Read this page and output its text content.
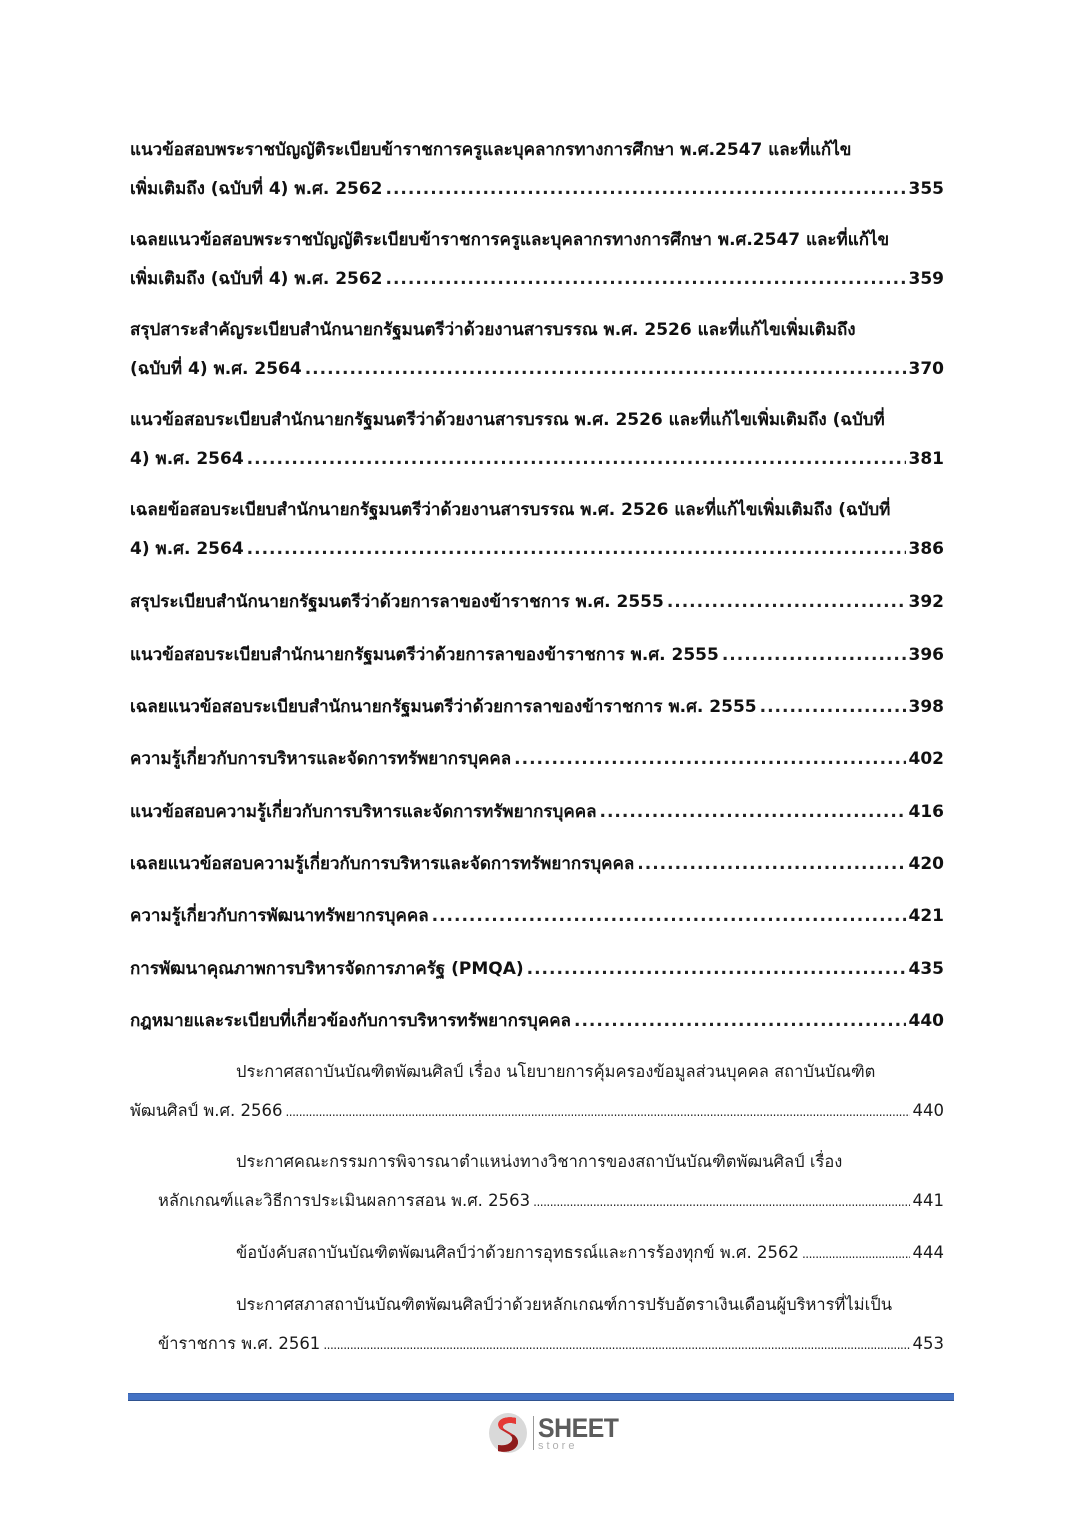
แนวข้อสอบพระราชบัญญัติระเบียบข้าราชการครูและบุคลากรทางการศึกษา พ.ศ.2547 และที่แก้ไข
เพิ่มเติมถึง (ฉบับที่ 4) พ.ศ. 2562 .....	355
เฉลยแนวข้อสอบพระราชบัญญัติระเบียบข้าราชการครูและบุคลากรทางการศึกษา พ.ศ.2547 และที่แก้ไข
เพิ่มเติมถึง (ฉบับที่ 4) พ.ศ. 2562 .....	359
สรุปสาระสำคัญระเบียบสำนักนายกรัฐมนตรีว่าด้วยงานสารบรรณ พ.ศ. 2526 และที่แก้ไขเพิ่มเติมถึง
(ฉบับที่ 4) พ.ศ. 2564 .....	370
แนวข้อสอบระเบียบสำนักนายกรัฐมนตรีว่าด้วยงานสารบรรณ พ.ศ. 2526 และที่แก้ไขเพิ่มเติมถึง (ฉบับที่
4) พ.ศ. 2564 .....	381
เฉลยข้อสอบระเบียบสำนักนายกรัฐมนตรีว่าด้วยงานสารบรรณ พ.ศ. 2526 และที่แก้ไขเพิ่มเติมถึง (ฉบับที่
4) พ.ศ. 2564 .....	386
สรุประเบียบสำนักนายกรัฐมนตรีว่าด้วยการลาของข้าราชการ พ.ศ. 2555 .....	392
แนวข้อสอบระเบียบสำนักนายกรัฐมนตรีว่าด้วยการลาของข้าราชการ พ.ศ. 2555 .....	396
เฉลยแนวข้อสอบระเบียบสำนักนายกรัฐมนตรีว่าด้วยการลาของข้าราชการ พ.ศ. 2555 .....	398
ความรู้เกี่ยวกับการบริหารและจัดการทรัพยากรบุคคล .....	402
แนวข้อสอบความรู้เกี่ยวกับการบริหารและจัดการทรัพยากรบุคคล .....	416
เฉลยแนวข้อสอบความรู้เกี่ยวกับการบริหารและจัดการทรัพยากรบุคคล .....	420
ความรู้เกี่ยวกับการพัฒนาทรัพยากรบุคคล .....	421
การพัฒนาคุณภาพการบริหารจัดการภาครัฐ (PMQA) .....	435
กฎหมายและระเบียบที่เกี่ยวข้องกับการบริหารทรัพยากรบุคคล .....	440
ประกาศสถาบันบัณฑิตพัฒนศิลป์ เรื่อง นโยบายการคุ้มครองข้อมูลส่วนบุคคล สถาบันบัณฑิต
พัฒนศิลป์ พ.ศ. 2566 .....	440
ประกาศคณะกรรมการพิจารณาตำแหน่งทางวิชาการของสถาบันบัณฑิตพัฒนศิลป์ เรื่อง
หลักเกณฑ์และวิธีการประเมินผลการสอน พ.ศ. 2563 .....	441
ข้อบังคับสถาบันบัณฑิตพัฒนศิลป์ว่าด้วยการอุทธรณ์และการร้องทุกข์ พ.ศ. 2562 .....	444
ประกาศสภาสถาบันบัณฑิตพัฒนศิลป์ว่าด้วยหลักเกณฑ์การปรับอัตราเงินเดือนผู้บริหารที่ไม่เป็น
ข้าราชการ พ.ศ. 2561 .....	453
SHEET
store
